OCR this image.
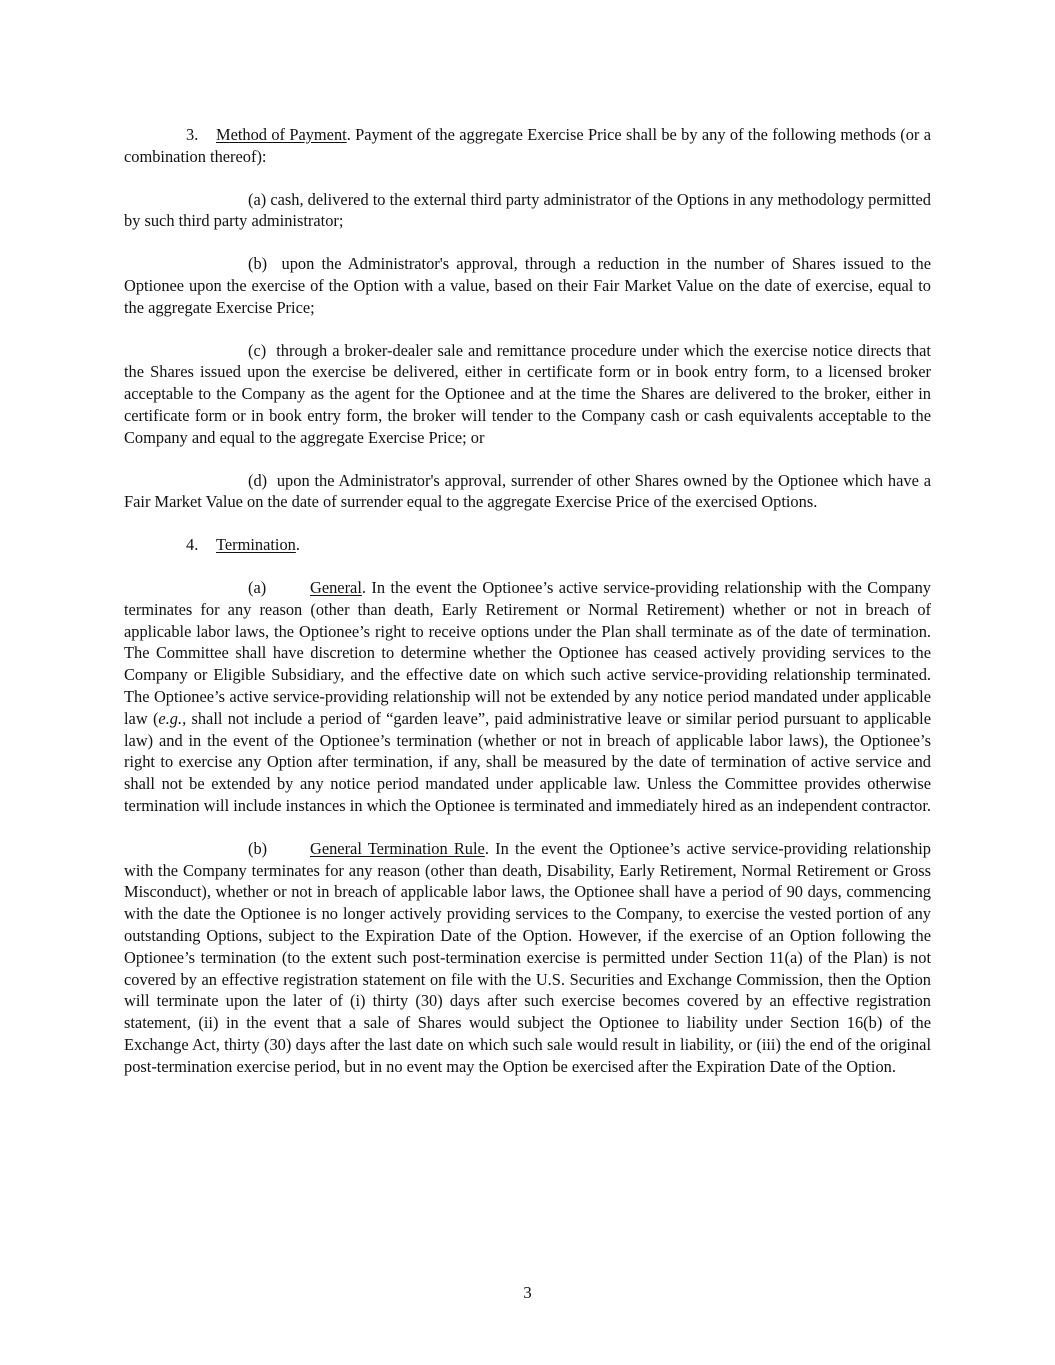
3. Method of Payment. Payment of the aggregate Exercise Price shall be by any of the following methods (or a combination thereof):

(a) cash, delivered to the external third party administrator of the Options in any methodology permitted by such third party administrator;

(b) upon the Administrator's approval, through a reduction in the number of Shares issued to the Optionee upon the exercise of the Option with a value, based on their Fair Market Value on the date of exercise, equal to the aggregate Exercise Price;

(c) through a broker-dealer sale and remittance procedure under which the exercise notice directs that the Shares issued upon the exercise be delivered, either in certificate form or in book entry form, to a licensed broker acceptable to the Company as the agent for the Optionee and at the time the Shares are delivered to the broker, either in certificate form or in book entry form, the broker will tender to the Company cash or cash equivalents acceptable to the Company and equal to the aggregate Exercise Price; or

(d) upon the Administrator's approval, surrender of other Shares owned by the Optionee which have a Fair Market Value on the date of surrender equal to the aggregate Exercise Price of the exercised Options.

4. Termination.

(a)	General. In the event the Optionee’s active service-providing relationship with the Company terminates for any reason (other than death, Early Retirement or Normal Retirement) whether or not in breach of applicable labor laws, the Optionee’s right to receive options under the Plan shall terminate as of the date of termination. The Committee shall have discretion to determine whether the Optionee has ceased actively providing services to the Company or Eligible Subsidiary, and the effective date on which such active service-providing relationship terminated. The Optionee’s active service-providing relationship will not be extended by any notice period mandated under applicable law (e.g., shall not include a period of “garden leave”, paid administrative leave or similar period pursuant to applicable law) and in the event of the Optionee’s termination (whether or not in breach of applicable labor laws), the Optionee’s right to exercise any Option after termination, if any, shall be measured by the date of termination of active service and shall not be extended by any notice period mandated under applicable law. Unless the Committee provides otherwise termination will include instances in which the Optionee is terminated and immediately hired as an independent contractor.

(b)	General Termination Rule. In the event the Optionee’s active service-providing relationship with the Company terminates for any reason (other than death, Disability, Early Retirement, Normal Retirement or Gross Misconduct), whether or not in breach of applicable labor laws, the Optionee shall have a period of 90 days, commencing with the date the Optionee is no longer actively providing services to the Company, to exercise the vested portion of any outstanding Options, subject to the Expiration Date of the Option. However, if the exercise of an Option following the Optionee’s termination (to the extent such post-termination exercise is permitted under Section 11(a) of the Plan) is not covered by an effective registration statement on file with the U.S. Securities and Exchange Commission, then the Option will terminate upon the later of (i) thirty (30) days after such exercise becomes covered by an effective registration statement, (ii) in the event that a sale of Shares would subject the Optionee to liability under Section 16(b) of the Exchange Act, thirty (30) days after the last date on which such sale would result in liability, or (iii) the end of the original post-termination exercise period, but in no event may the Option be exercised after the Expiration Date of the Option.

3
